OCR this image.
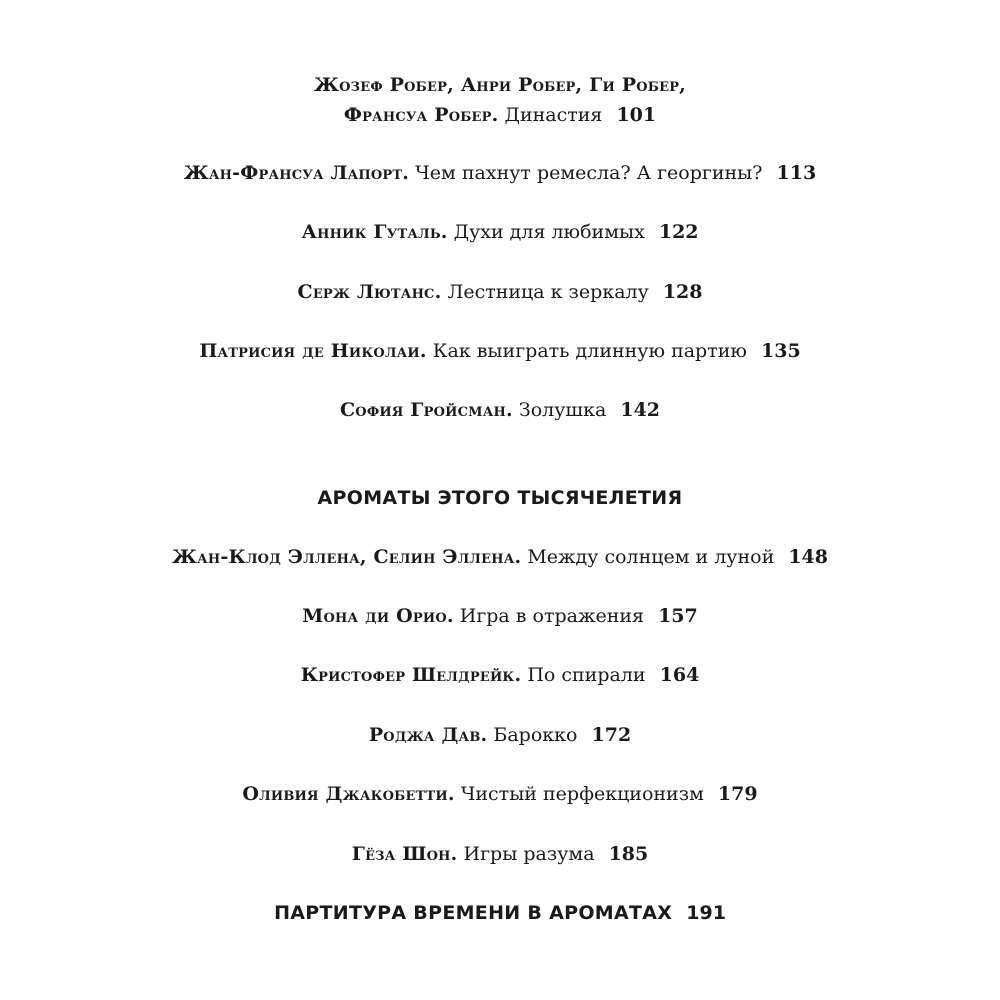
Жозеф Робер, Анри Робер, Ги Робер,
Франсуа Робер. Династия 101
Жан-Франсуа Лапорт. Чем пахнут ремесла? А георгины? 113
Анник Гуталь. Духи для любимых 122
Серж Лютанс. Лестница к зеркалу 128
Патрисия де Николаи. Как выиграть длинную партию 135
София Гройсман. Золушка 142
АРОМАТЫ ЭТОГО ТЫСЯЧЕЛЕТИЯ
Жан-Клод Эллена, Селин Эллена. Между солнцем и луной 148
Мона ди Орио. Игра в отражения 157
Кристофер Шелдрейк. По спирали 164
Роджа Дав. Барокко 172
Оливия Джакобетти. Чистый перфекционизм 179
Гёза Шон. Игры разума 185
ПАРТИТУРА ВРЕМЕНИ В АРОМАТАХ 191
